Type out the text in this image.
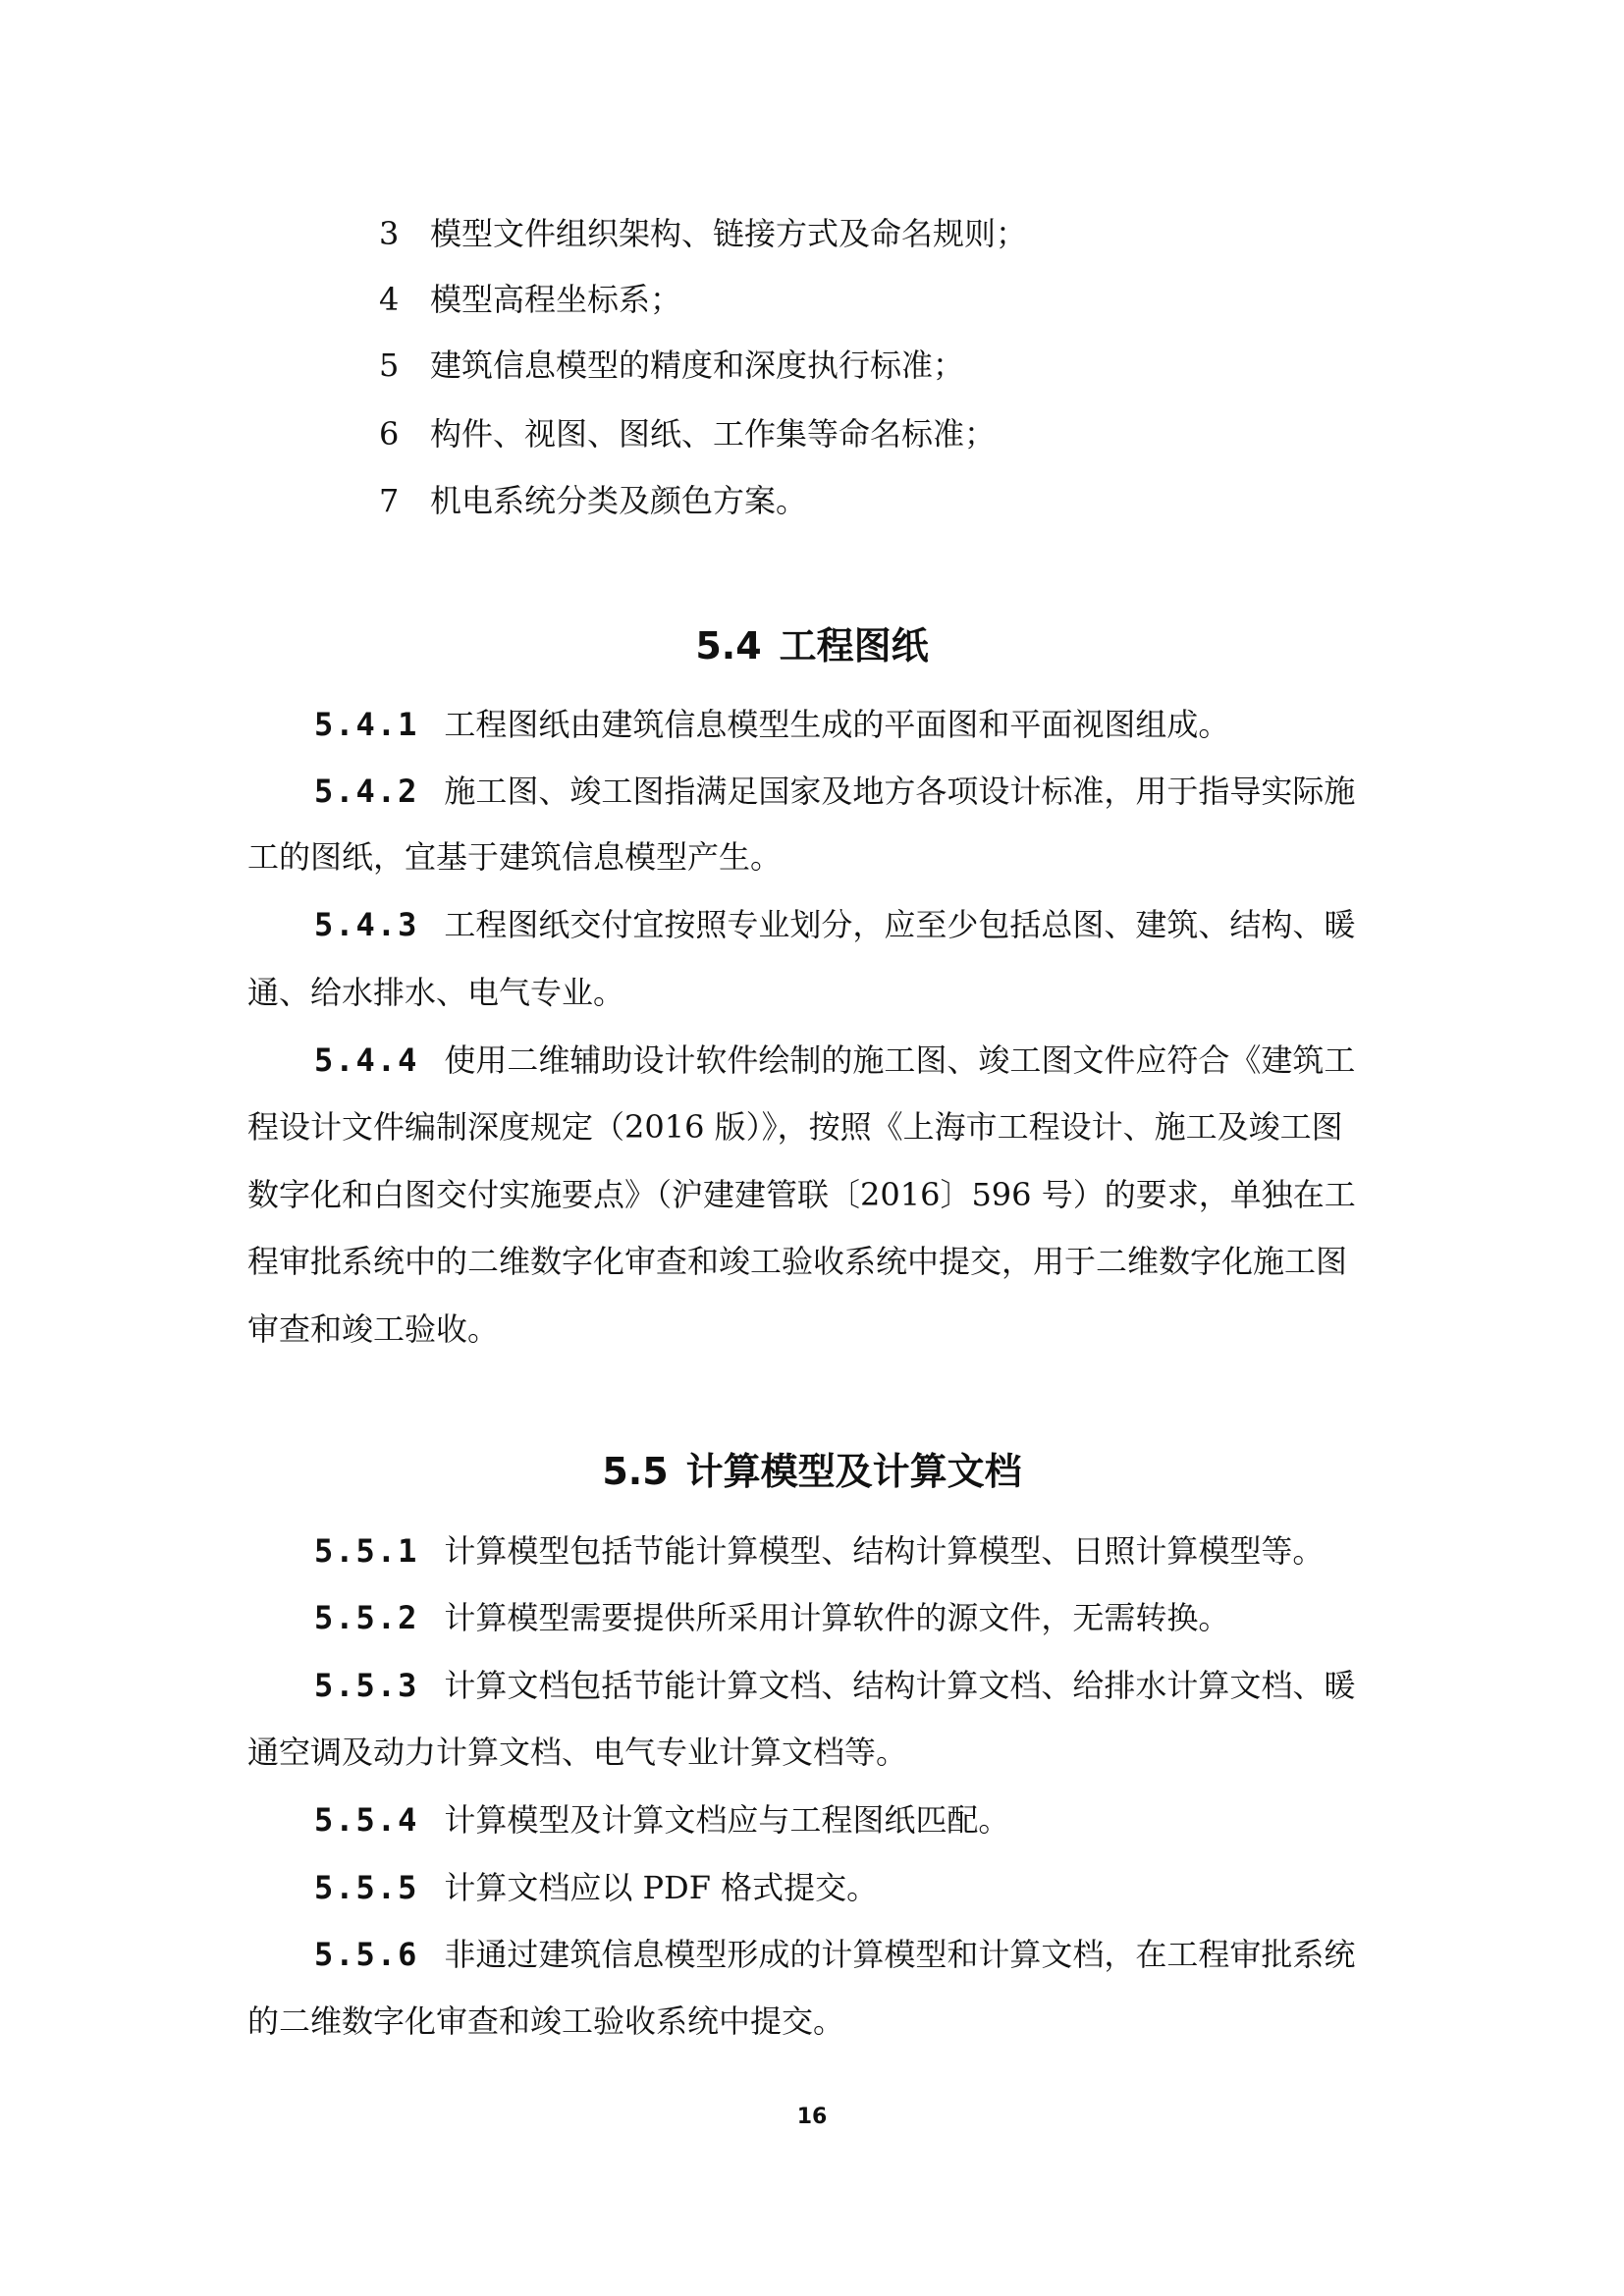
3 模型文件组织架构、链接方式及命名规则；
4 模型高程坐标系；
5 建筑信息模型的精度和深度执行标准；
6 构件、视图、图纸、工作集等命名标准；
7 机电系统分类及颜色方案。
5.4 工程图纸
5.4.1 工程图纸由建筑信息模型生成的平面图和平面视图组成。
5.4.2 施工图、竣工图指满足国家及地方各项设计标准，用于指导实际施
工的图纸，宜基于建筑信息模型产生。
5.4.3 工程图纸交付宜按照专业划分，应至少包括总图、建筑、结构、暖
通、给水排水、电气专业。
5.4.4 使用二维辅助设计软件绘制的施工图、竣工图文件应符合《建筑工
程设计文件编制深度规定（2016 版）》，按照《上海市工程设计、施工及竣工图
数字化和白图交付实施要点》（沪建建管联〔2016〕596 号）的要求，单独在工
程审批系统中的二维数字化审查和竣工验收系统中提交，用于二维数字化施工图
审查和竣工验收。
5.5 计算模型及计算文档
5.5.1 计算模型包括节能计算模型、结构计算模型、日照计算模型等。
5.5.2 计算模型需要提供所采用计算软件的源文件，无需转换。
5.5.3 计算文档包括节能计算文档、结构计算文档、给排水计算文档、暖
通空调及动力计算文档、电气专业计算文档等。
5.5.4 计算模型及计算文档应与工程图纸匹配。
5.5.5 计算文档应以 PDF 格式提交。
5.5.6 非通过建筑信息模型形成的计算模型和计算文档，在工程审批系统
的二维数字化审查和竣工验收系统中提交。
16
